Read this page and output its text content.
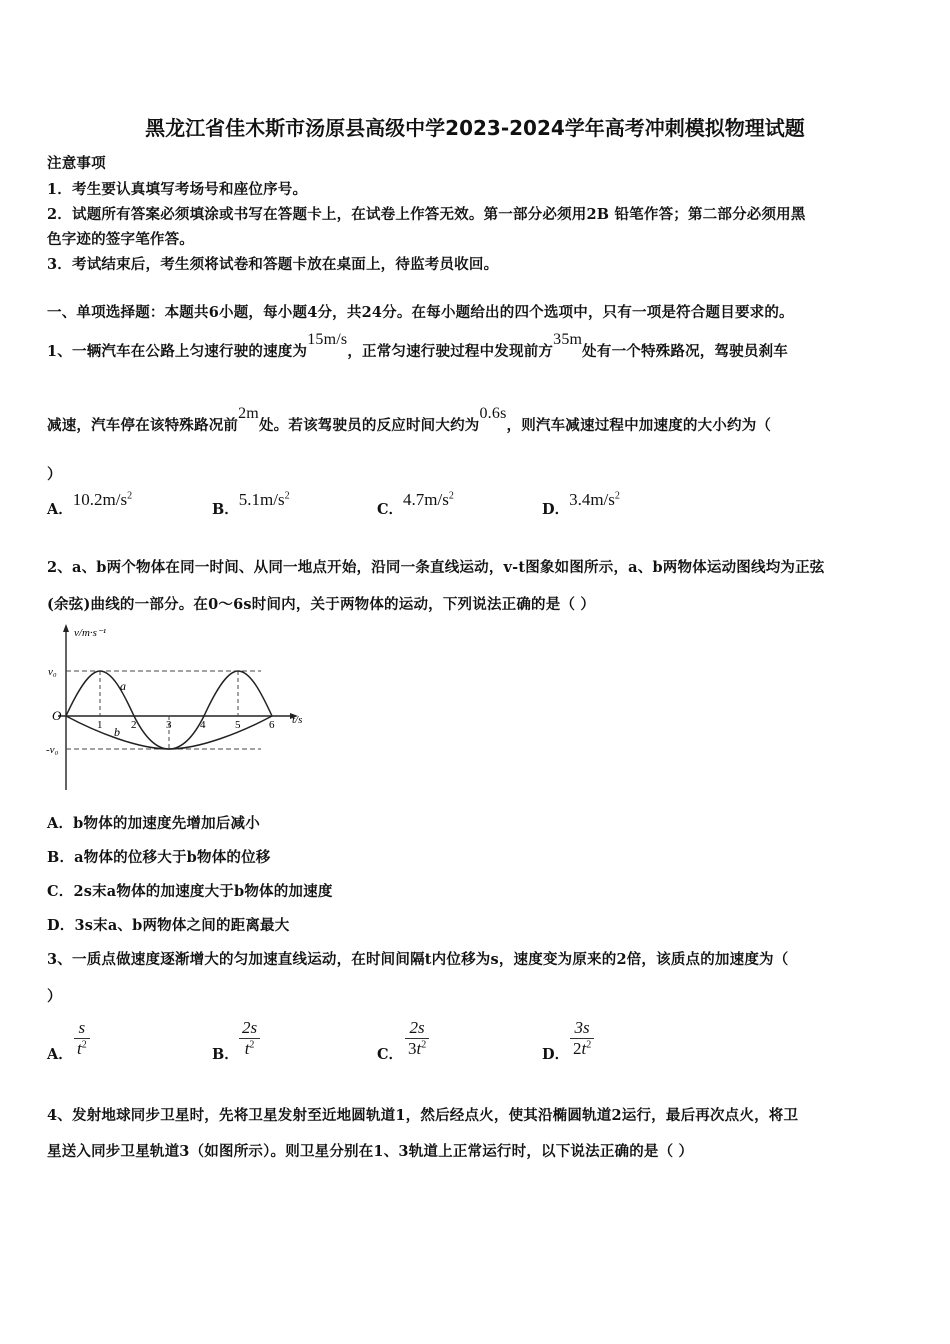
黑龙江省佳木斯市汤原县高级中学2023-2024学年高考冲刺模拟物理试题
注意事项
1．考生要认真填写考场号和座位序号。
2．试题所有答案必须填涂或书写在答题卡上，在试卷上作答无效。第一部分必须用2B 铅笔作答；第二部分必须用黑
色字迹的签字笔作答。
3．考试结束后，考生须将试卷和答题卡放在桌面上，待监考员收回。
一、单项选择题：本题共6小题，每小题4分，共24分。在每小题给出的四个选项中，只有一项是符合题目要求的。
1、一辆汽车在公路上匀速行驶的速度为15m/s，正常匀速行驶过程中发现前方35m处有一个特殊路况，驾驶员刹车
减速，汽车停在该特殊路况前2m处。若该驾驶员的反应时间大约为0.6s，则汽车减速过程中加速度的大小约为（
）
A．$10.2m/s^2$
B．$5.1m/s^2$
C．$4.7m/s^2$
D．$3.4m/s^2$
2、a、b两个物体在同一时间、从同一地点开始，沿同一条直线运动，v-t图象如图所示，a、b两物体运动图线均为正弦
(余弦)曲线的一部分。在0～6s时间内，关于两物体的运动，下列说法正确的是（ ）
v/m·s⁻¹
v₀
-v₀
O	t/s
a
b
1	2	3	4	5	6
A．b物体的加速度先增加后减小
B．a物体的位移大于b物体的位移
C．2s末a物体的加速度大于b物体的加速度
D．3s末a、b两物体之间的距离最大
3、一质点做速度逐渐增大的匀加速直线运动，在时间间隔t内位移为s，速度变为原来的2倍，该质点的加速度为（
）
A． $\frac{s}{t^2}$	B． $\frac{2s}{t^2}$	C． $\frac{2s}{3t^2}$	D． $\frac{3s}{2t^2}$
4、发射地球同步卫星时，先将卫星发射至近地圆轨道1，然后经点火，使其沿椭圆轨道2运行，最后再次点火，将卫
星送入同步卫星轨道3（如图所示）。则卫星分别在1、3轨道上正常运行时，以下说法正确的是（ ）
